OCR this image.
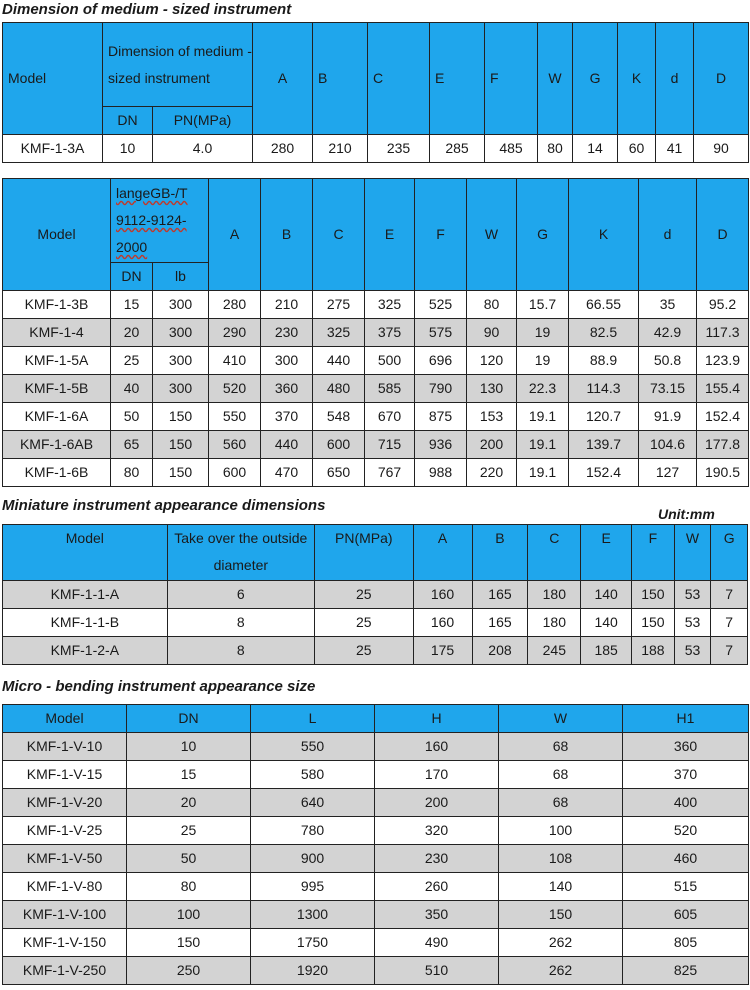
Dimension of medium - sized instrument
Model	Dimension of medium - sized instrument		A	B	C	E	F	W	G	K	d	D
	DN	PN(MPa)										
KMF-1-3A	10	4.0	280	210	235	285	485	80	14	60	41	90
Model	langeGB-/T 9112-9124-2000		A	B	C	E	F	W	G	K	d	D
	DN	lb										
KMF-1-3B	15	300	280	210	275	325	525	80	15.7	66.55	35	95.2
KMF-1-4	20	300	290	230	325	375	575	90	19	82.5	42.9	117.3
KMF-1-5A	25	300	410	300	440	500	696	120	19	88.9	50.8	123.9
KMF-1-5B	40	300	520	360	480	585	790	130	22.3	114.3	73.15	155.4
KMF-1-6A	50	150	550	370	548	670	875	153	19.1	120.7	91.9	152.4
KMF-1-6AB	65	150	560	440	600	715	936	200	19.1	139.7	104.6	177.8
KMF-1-6B	80	150	600	470	650	767	988	220	19.1	152.4	127	190.5
Miniature instrument appearance dimensions	Unit:mm
Model	Take over the outside diameter	PN(MPa)	A	B	C	E	F	W	G
KMF-1-1-A	6	25	160	165	180	140	150	53	7
KMF-1-1-B	8	25	160	165	180	140	150	53	7
KMF-1-2-A	8	25	175	208	245	185	188	53	7
Micro - bending instrument appearance size
Model	DN	L	H	W	H1
KMF-1-V-10	10	550	160	68	360
KMF-1-V-15	15	580	170	68	370
KMF-1-V-20	20	640	200	68	400
KMF-1-V-25	25	780	320	100	520
KMF-1-V-50	50	900	230	108	460
KMF-1-V-80	80	995	260	140	515
KMF-1-V-100	100	1300	350	150	605
KMF-1-V-150	150	1750	490	262	805
KMF-1-V-250	250	1920	510	262	825
